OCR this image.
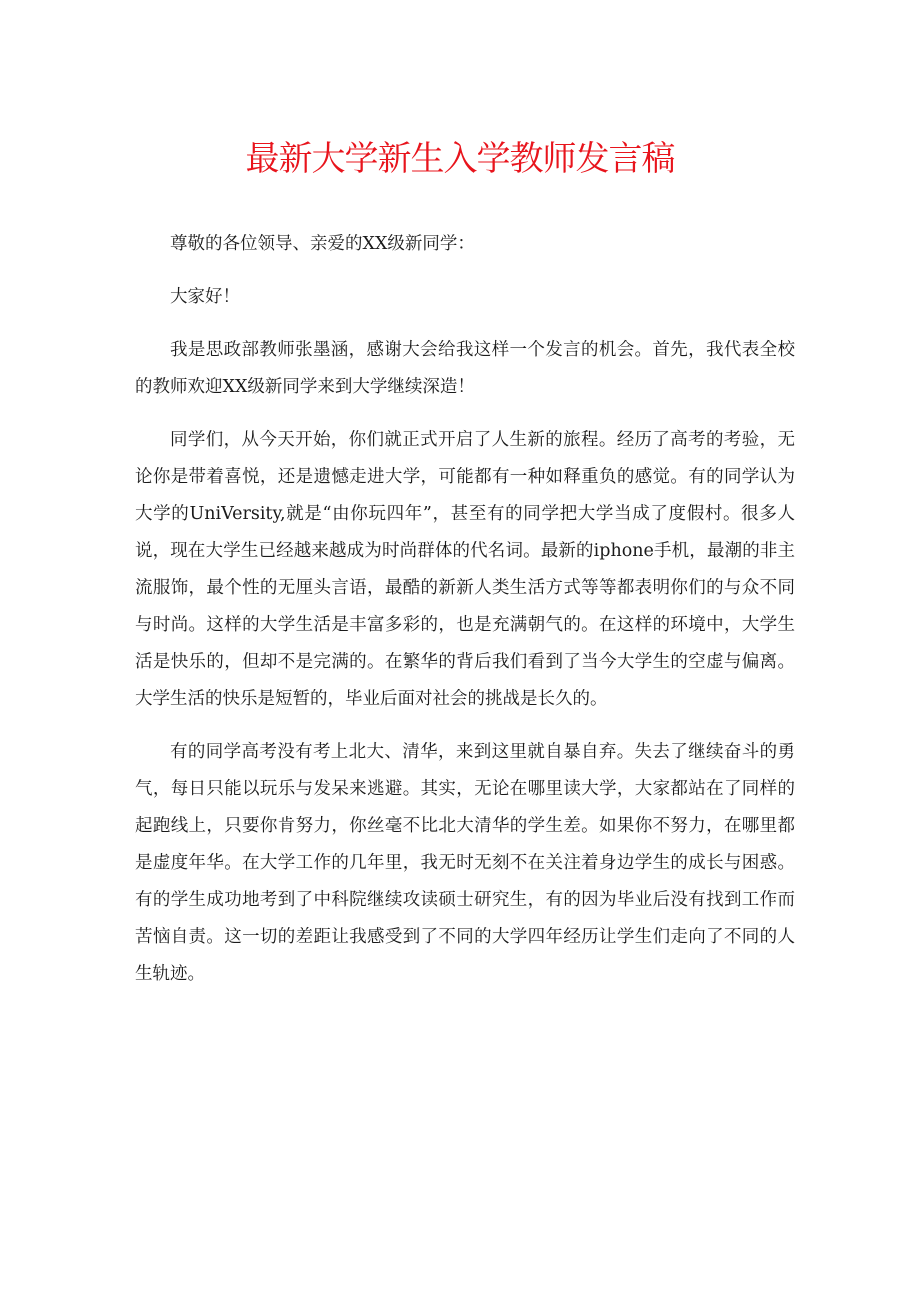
最新大学新生入学教师发言稿

尊敬的各位领导、亲爱的XX级新同学：

大家好！

我是思政部教师张墨涵，感谢大会给我这样一个发言的机会。首先，我代表全校的教师欢迎XX级新同学来到大学继续深造！

同学们，从今天开始，你们就正式开启了人生新的旅程。经历了高考的考验，无论你是带着喜悦，还是遗憾走进大学，可能都有一种如释重负的感觉。有的同学认为大学的UniVersity,就是“由你玩四年”，甚至有的同学把大学当成了度假村。很多人说，现在大学生已经越来越成为时尚群体的代名词。最新的iphone手机，最潮的非主流服饰，最个性的无厘头言语，最酷的新新人类生活方式等等都表明你们的与众不同与时尚。这样的大学生活是丰富多彩的，也是充满朝气的。在这样的环境中，大学生活是快乐的，但却不是完满的。在繁华的背后我们看到了当今大学生的空虚与偏离。大学生活的快乐是短暂的，毕业后面对社会的挑战是长久的。

有的同学高考没有考上北大、清华，来到这里就自暴自弃。失去了继续奋斗的勇气，每日只能以玩乐与发呆来逃避。其实，无论在哪里读大学，大家都站在了同样的起跑线上，只要你肯努力，你丝毫不比北大清华的学生差。如果你不努力，在哪里都是虚度年华。在大学工作的几年里，我无时无刻不在关注着身边学生的成长与困惑。有的学生成功地考到了中科院继续攻读硕士研究生，有的因为毕业后没有找到工作而苦恼自责。这一切的差距让我感受到了不同的大学四年经历让学生们走向了不同的人生轨迹。
